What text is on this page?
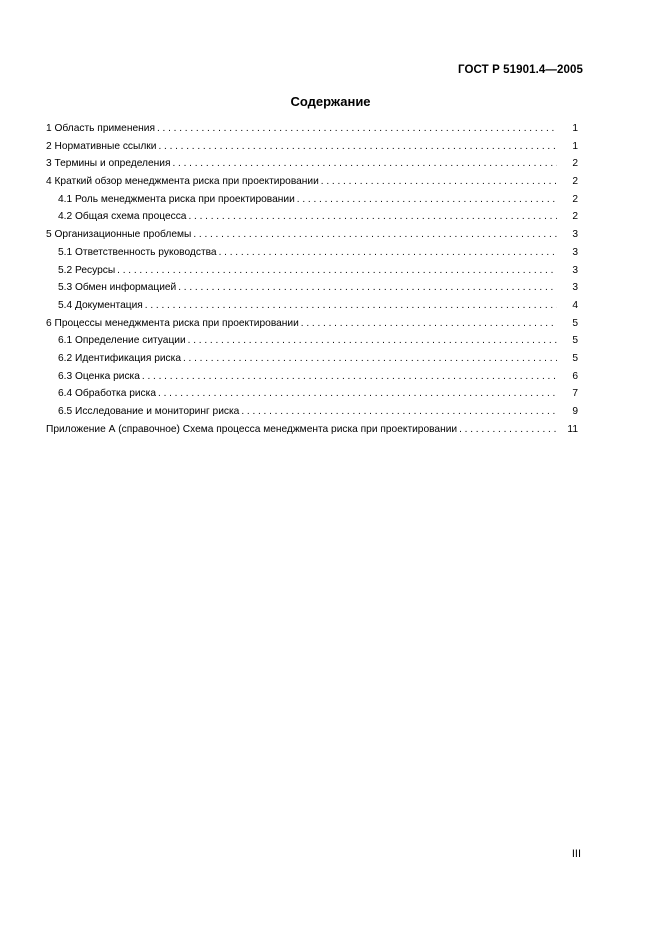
ГОСТ Р 51901.4—2005
Содержание
1 Область применения . . .	1
2 Нормативные ссылки . . .	1
3 Термины и определения . . .	2
4 Краткий обзор менеджмента риска при проектировании . . .	2
4.1 Роль менеджмента риска при проектировании . . .	2
4.2 Общая схема процесса . . .	2
5 Организационные проблемы . . .	3
5.1 Ответственность руководства . . .	3
5.2 Ресурсы . . .	3
5.3 Обмен информацией . . .	3
5.4 Документация . . .	4
6 Процессы менеджмента риска при проектировании . . .	5
6.1 Определение ситуации . . .	5
6.2 Идентификация риска . . .	5
6.3 Оценка риска . . .	6
6.4 Обработка риска . . .	7
6.5 Исследование и мониторинг риска . . .	9
Приложение А (справочное) Схема процесса менеджмента риска при проектировании . . .	11
III
